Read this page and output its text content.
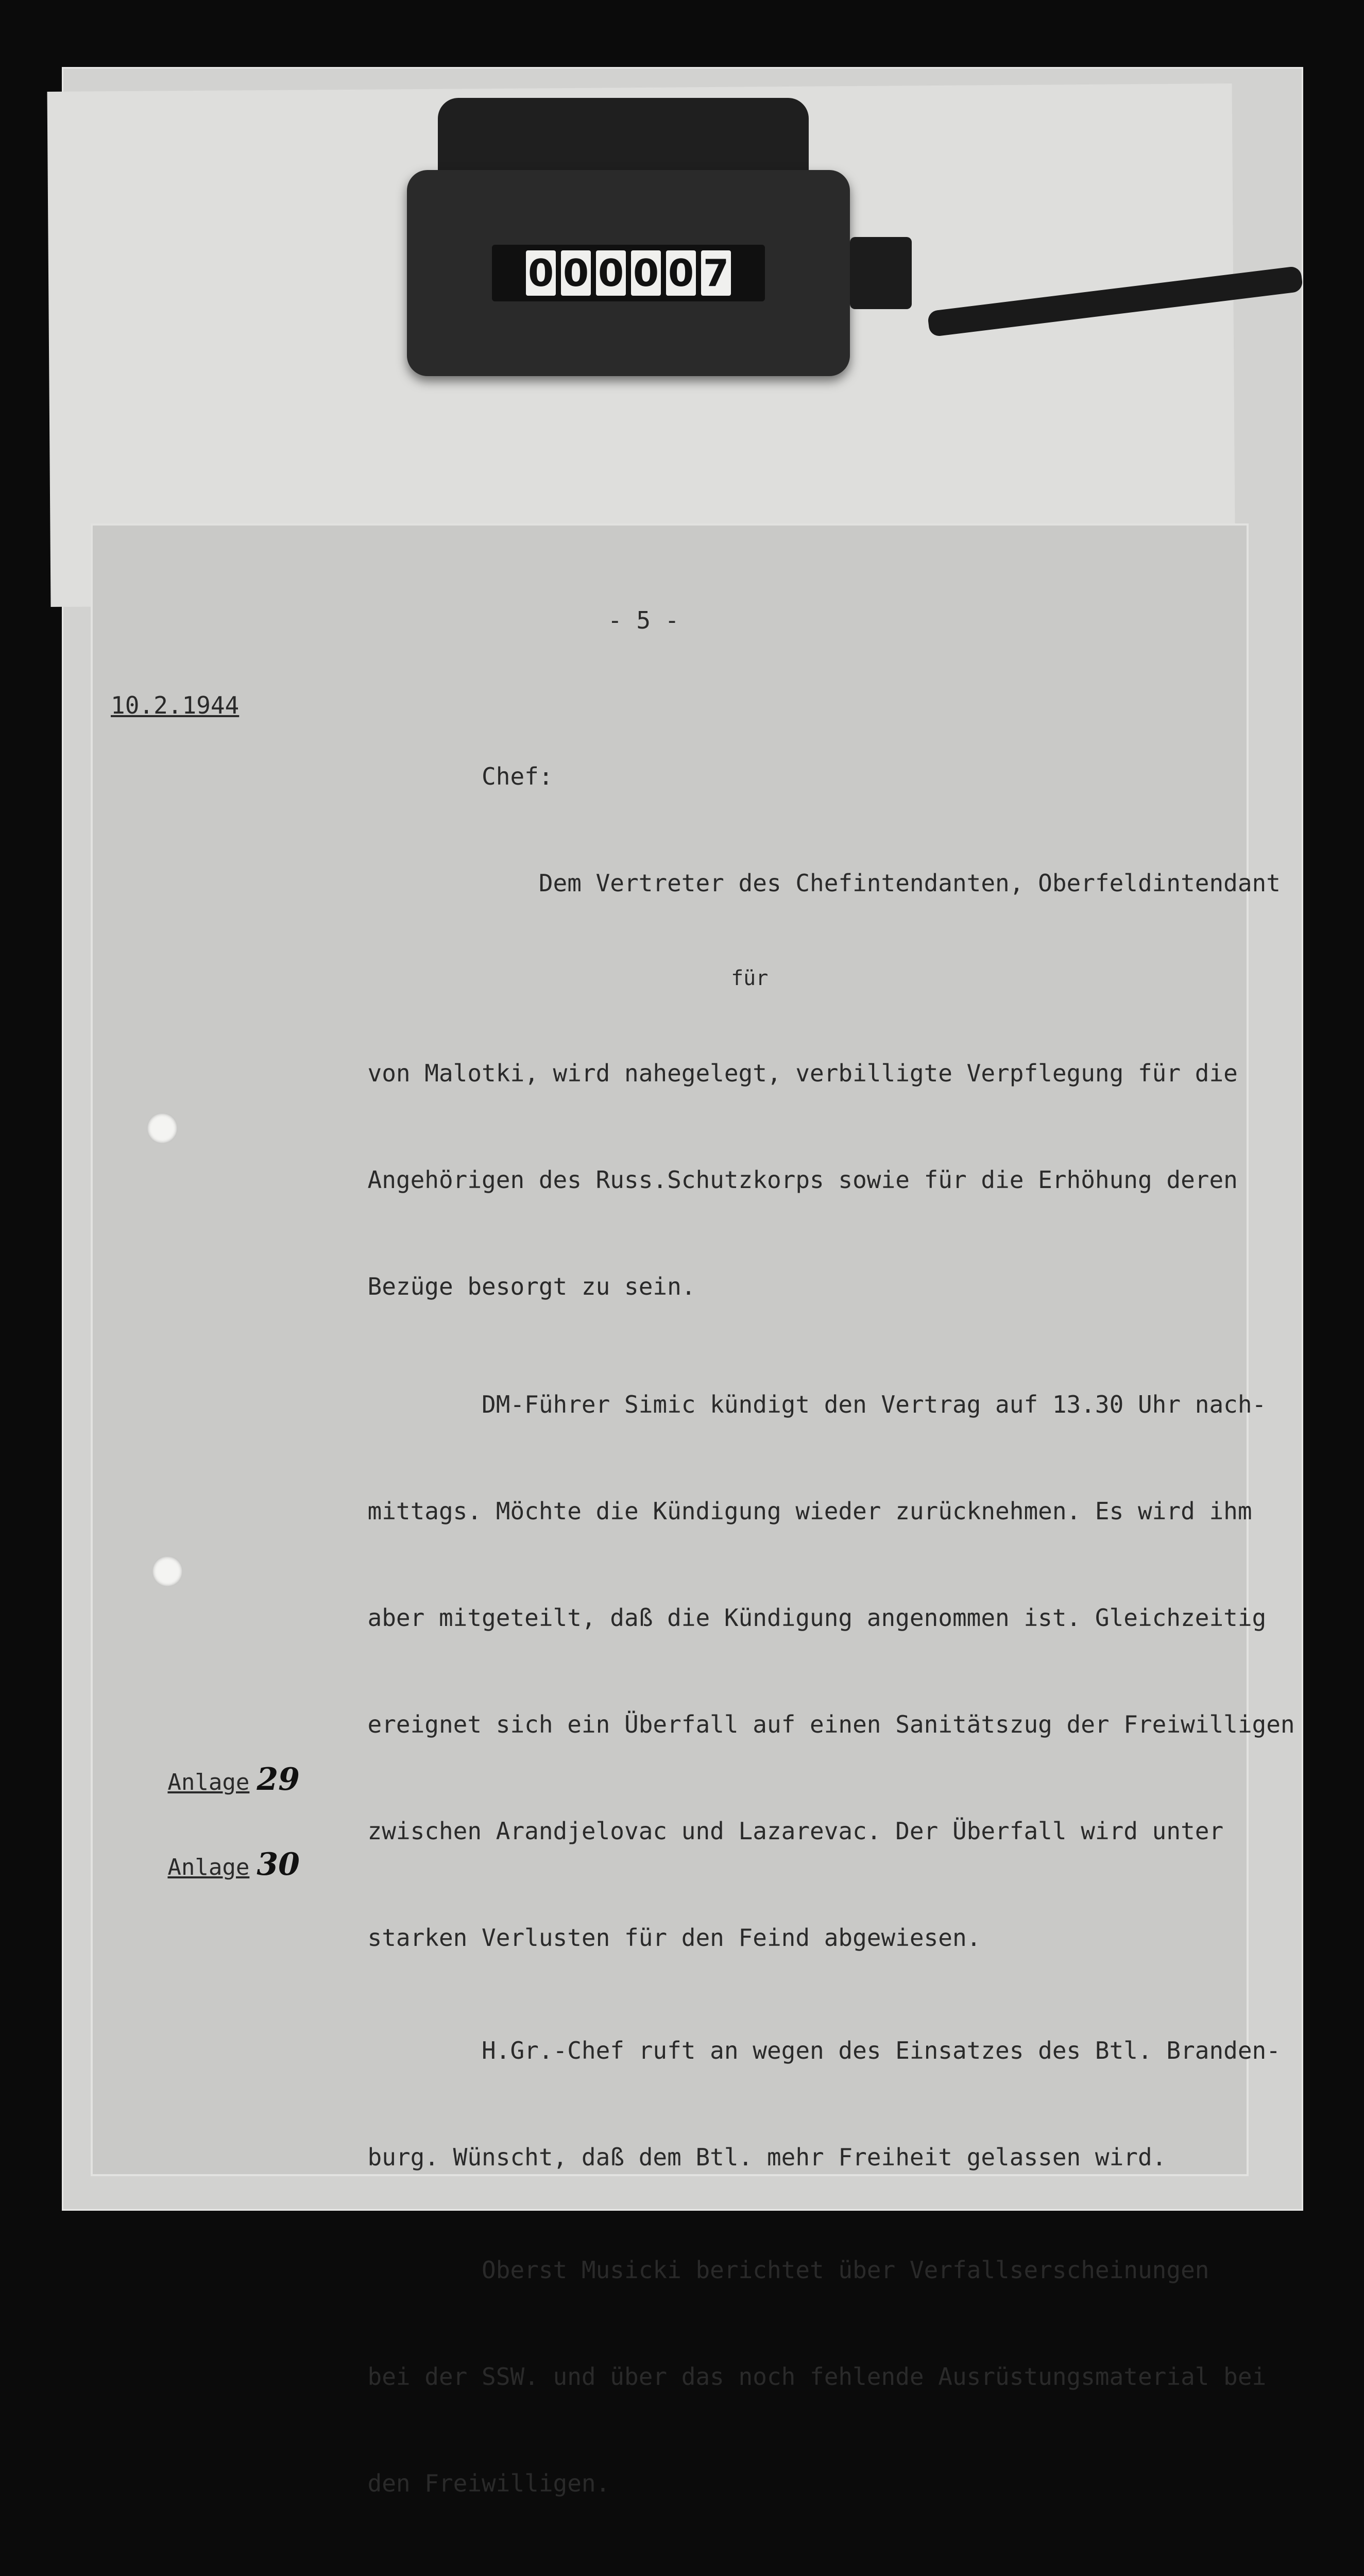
0 0 0 0 0 7
- 5 -
10.2.1944

Chef:

Dem Vertreter des Chefintendanten, Oberfeldintendant

für

von Malotki, wird nahegelegt, verbilligte Verpflegung für die

Angehörigen des Russ.Schutzkorps sowie für die Erhöhung deren

Bezüge besorgt zu sein.

DM-Führer Simic kündigt den Vertrag auf 13.30 Uhr nach-

mittags. Möchte die Kündigung wieder zurücknehmen. Es wird ihm

aber mitgeteilt, daß die Kündigung angenommen ist. Gleichzeitig

ereignet sich ein Überfall auf einen Sanitätszug der Freiwilligen

zwischen Arandjelovac und Lazarevac. Der Überfall wird unter

starken Verlusten für den Feind abgewiesen.

H.Gr.-Chef ruft an wegen des Einsatzes des Btl. Branden-

burg. Wünscht, daß dem Btl. mehr Freiheit gelassen wird.

Oberst Musicki berichtet über Verfallserscheinungen

bei der SSW. und über das noch fehlende Ausrüstungsmaterial bei

den Freiwilligen.

Anlage 29

Anlage 30
